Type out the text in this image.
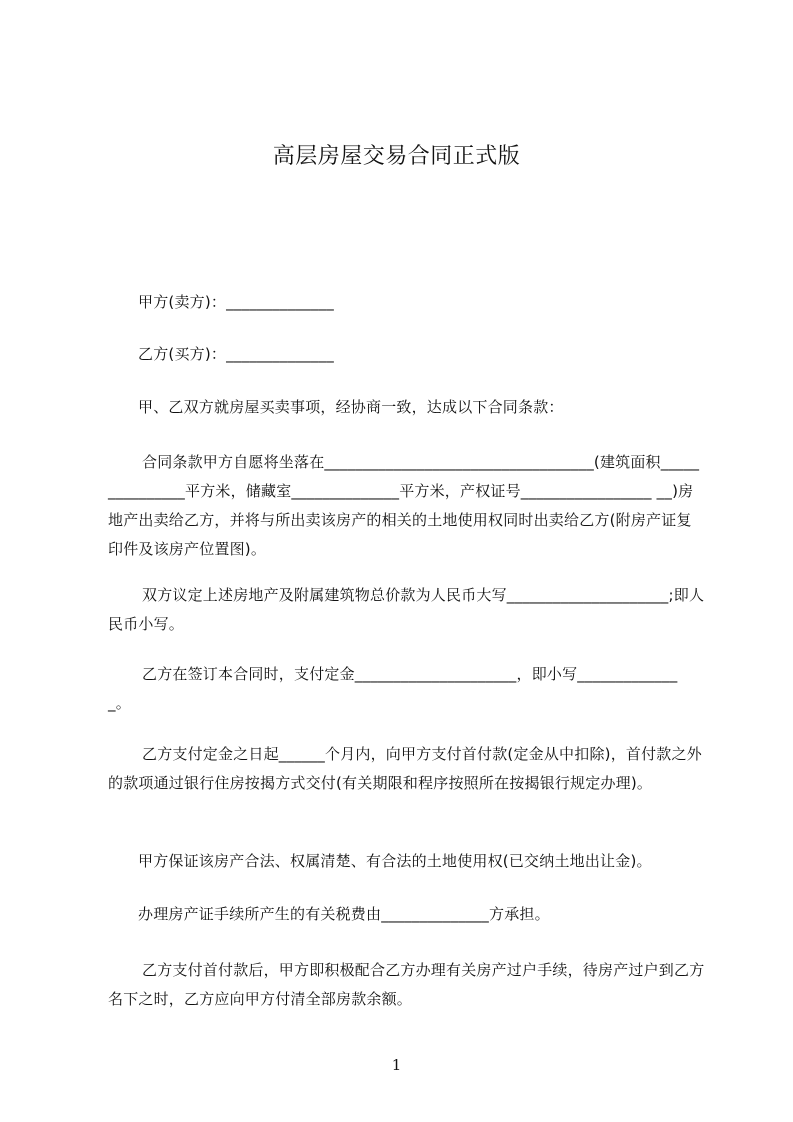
高层房屋交易合同正式版

甲方(卖方)：______________

乙方(买方)：______________

甲、乙双方就房屋买卖事项，经协商一致，达成以下合同条款：

合同条款甲方自愿将坐落在___________________________________(建筑面积_______________平方米，储藏室______________平方米，产权证号_________________ __)房地产出卖给乙方，并将与所出卖该房产的相关的土地使用权同时出卖给乙方(附房产证复印件及该房产位置图)。

双方议定上述房地产及附属建筑物总价款为人民币大写_____________________;即人民币小写。

乙方在签订本合同时，支付定金_____________________，即小写_____________ _。

乙方支付定金之日起______个月内，向甲方支付首付款(定金从中扣除)，首付款之外的款项通过银行住房按揭方式交付(有关期限和程序按照所在按揭银行规定办理)。

甲方保证该房产合法、权属清楚、有合法的土地使用权(已交纳土地出让金)。

办理房产证手续所产生的有关税费由______________方承担。

乙方支付首付款后，甲方即积极配合乙方办理有关房产过户手续，待房产过户到乙方名下之时，乙方应向甲方付清全部房款余额。

1
